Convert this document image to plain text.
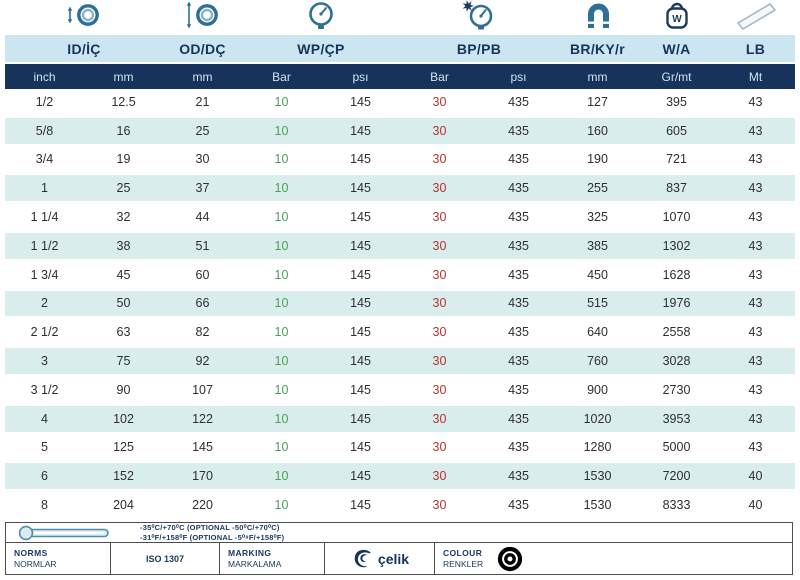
W

ID/İÇ		OD/DÇ	WP/ÇP		BP/PB		BR/KY/r	W/A	LB
inch	mm	mm	Bar	psı	Bar	psı	mm	Gr/mt	Mt
1/2	12.5	21	10	145	30	435	127	395	43
5/8	16	25	10	145	30	435	160	605	43
3/4	19	30	10	145	30	435	190	721	43
1	25	37	10	145	30	435	255	837	43
1 1/4	32	44	10	145	30	435	325	1070	43
1 1/2	38	51	10	145	30	435	385	1302	43
1 3/4	45	60	10	145	30	435	450	1628	43
2	50	66	10	145	30	435	515	1976	43
2 1/2	63	82	10	145	30	435	640	2558	43
3	75	92	10	145	30	435	760	3028	43
3 1/2	90	107	10	145	30	435	900	2730	43
4	102	122	10	145	30	435	1020	3953	43
5	125	145	10	145	30	435	1280	5000	43
6	152	170	10	145	30	435	1530	7200	40
8	204	220	10	145	30	435	1530	8333	40
-35⁰C/+70⁰C (OPTIONAL -50⁰C/+70⁰C)
-31⁰F/+158⁰F (OPTIONAL -5⁰⁸F/+158⁰F)
NORMS
NORMLAR	ISO 1307
MARKING
MARKALAMA	çelik	COLOUR
RENKLER
